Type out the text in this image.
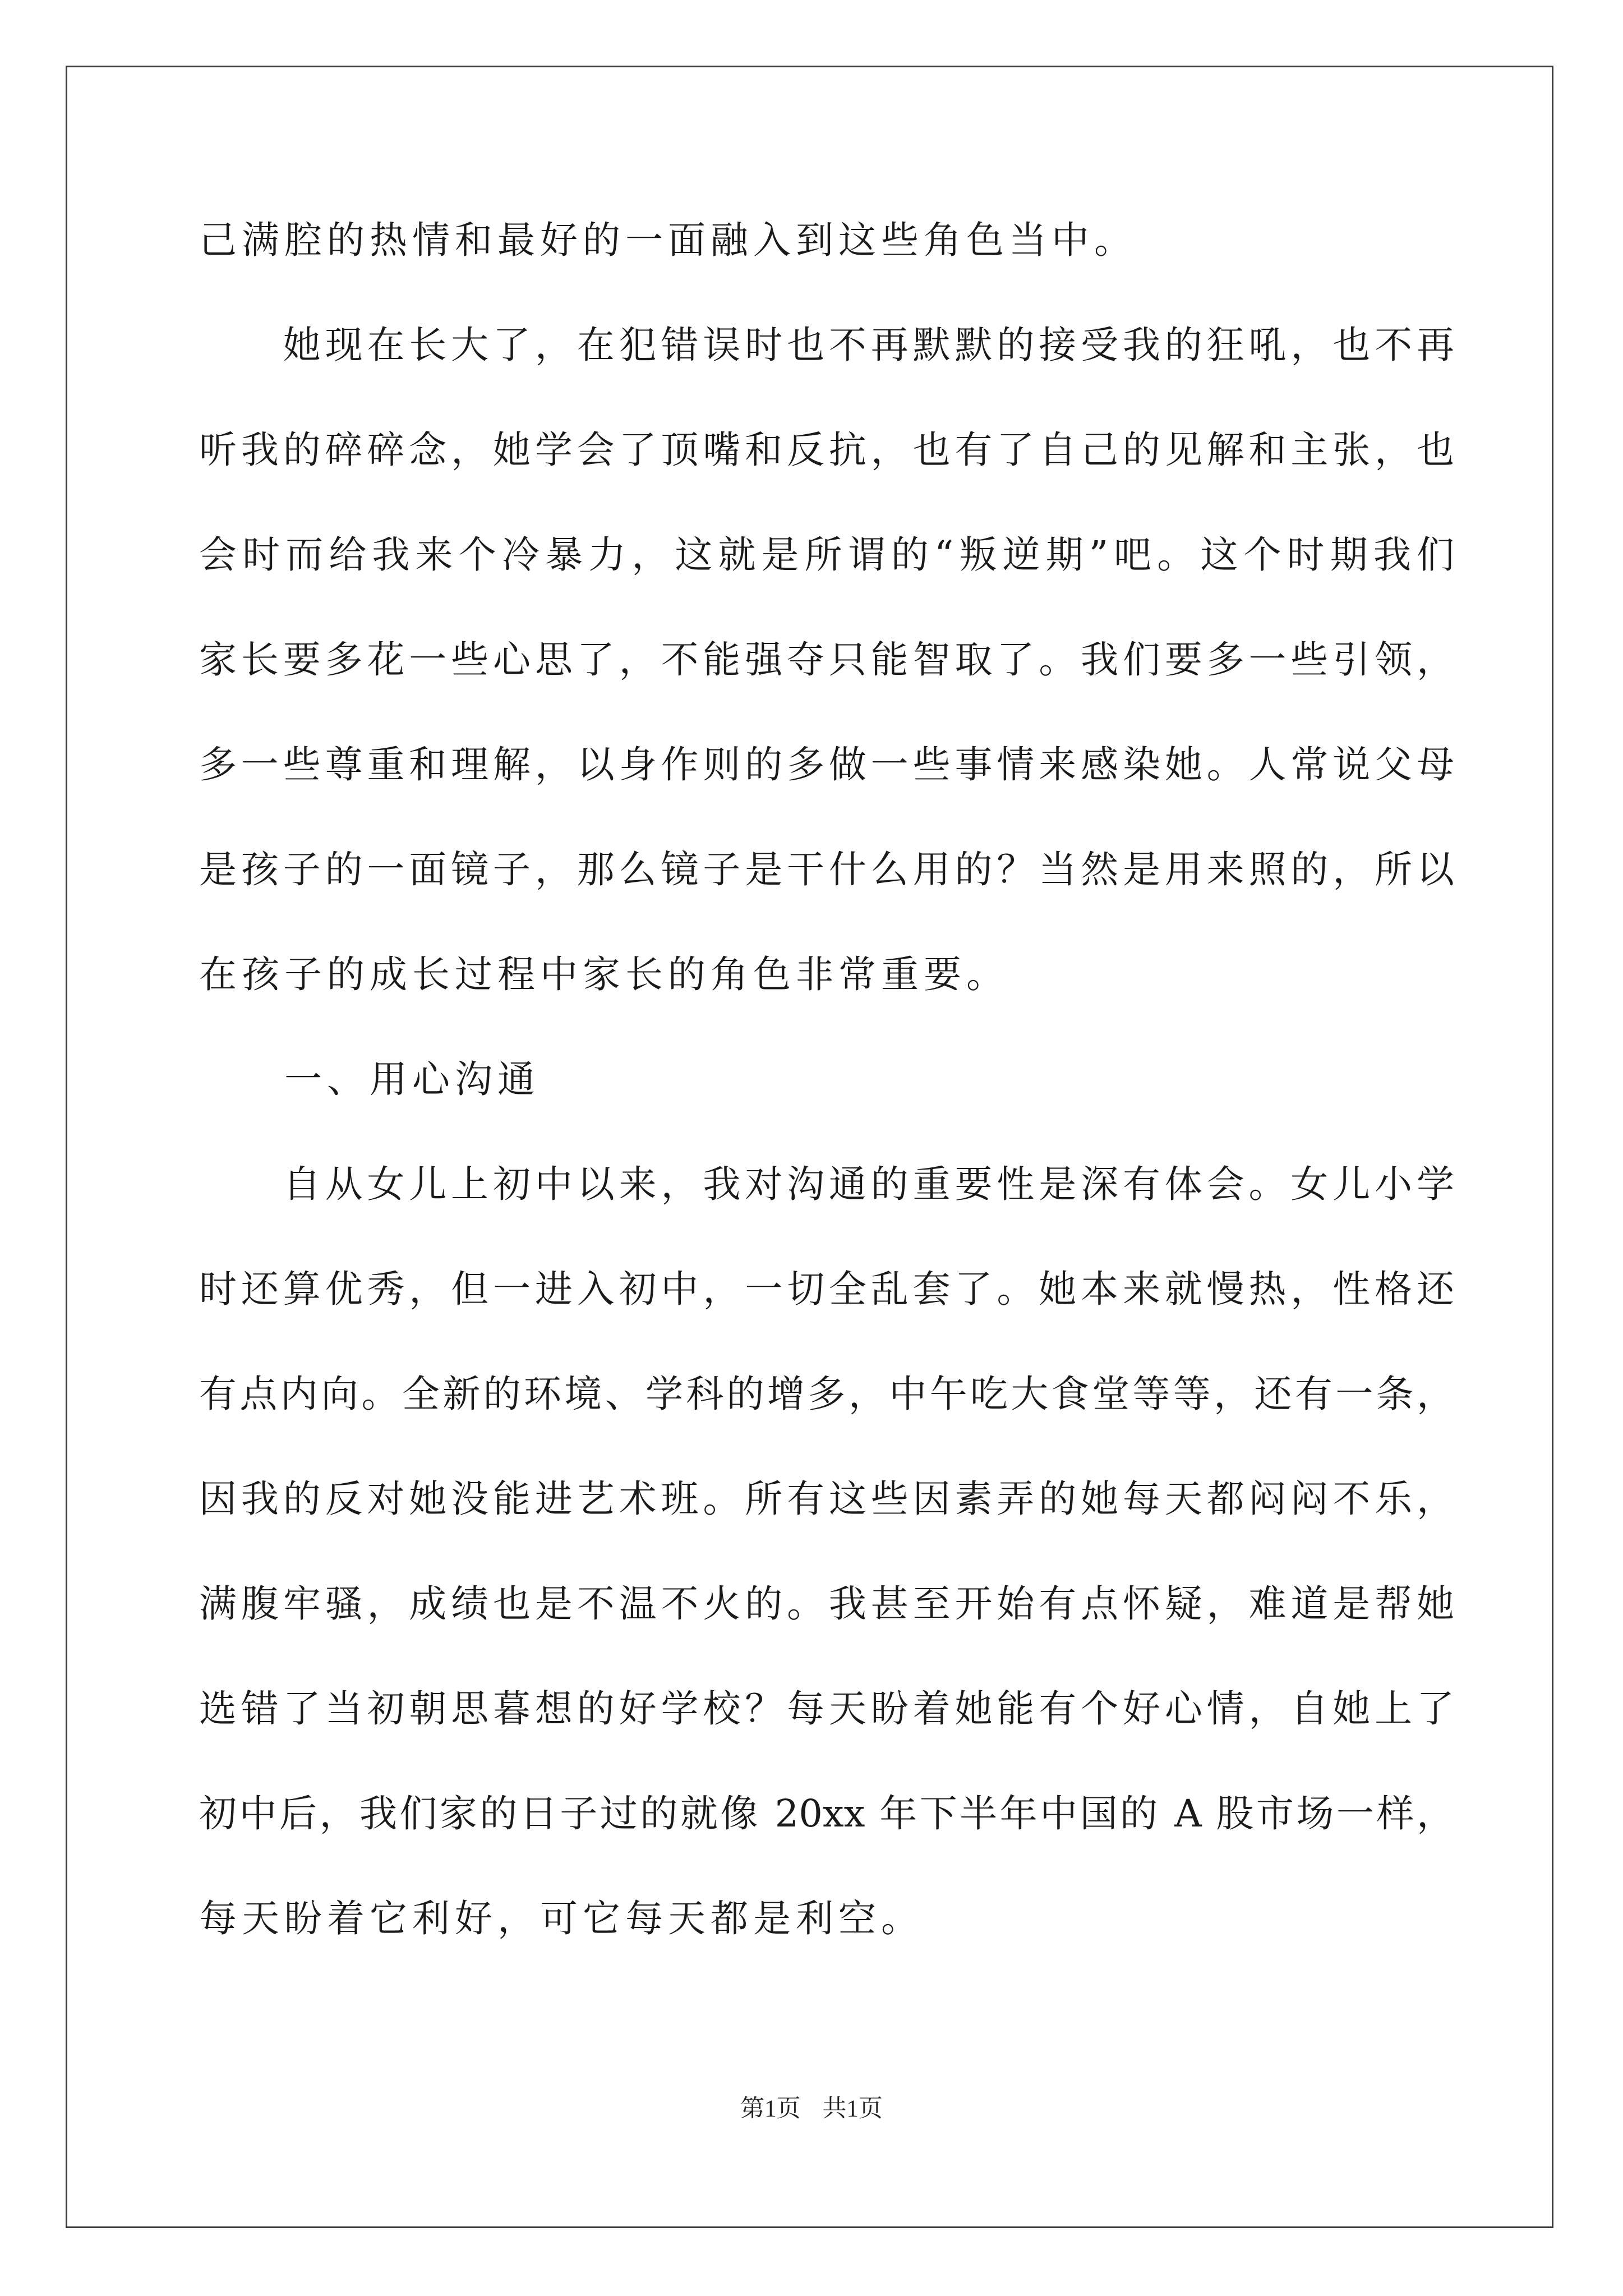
己满腔的热情和最好的一面融入到这些角色当中。
　　她现在长大了，在犯错误时也不再默默的接受我的狂吼，也不再
听我的碎碎念，她学会了顶嘴和反抗，也有了自己的见解和主张，也
会时而给我来个冷暴力，这就是所谓的“叛逆期”吧。这个时期我们
家长要多花一些心思了，不能强夺只能智取了。我们要多一些引领，
多一些尊重和理解，以身作则的多做一些事情来感染她。人常说父母
是孩子的一面镜子，那么镜子是干什么用的？当然是用来照的，所以
在孩子的成长过程中家长的角色非常重要。
　　一、用心沟通
　　自从女儿上初中以来，我对沟通的重要性是深有体会。女儿小学
时还算优秀，但一进入初中，一切全乱套了。她本来就慢热，性格还
有点内向。全新的环境、学科的增多，中午吃大食堂等等，还有一条，
因我的反对她没能进艺术班。所有这些因素弄的她每天都闷闷不乐，
满腹牢骚，成绩也是不温不火的。我甚至开始有点怀疑，难道是帮她
选错了当初朝思暮想的好学校？每天盼着她能有个好心情，自她上了
初中后，我们家的日子过的就像 20xx 年下半年中国的 A 股市场一样，
每天盼着它利好，可它每天都是利空。
第1页 共1页
